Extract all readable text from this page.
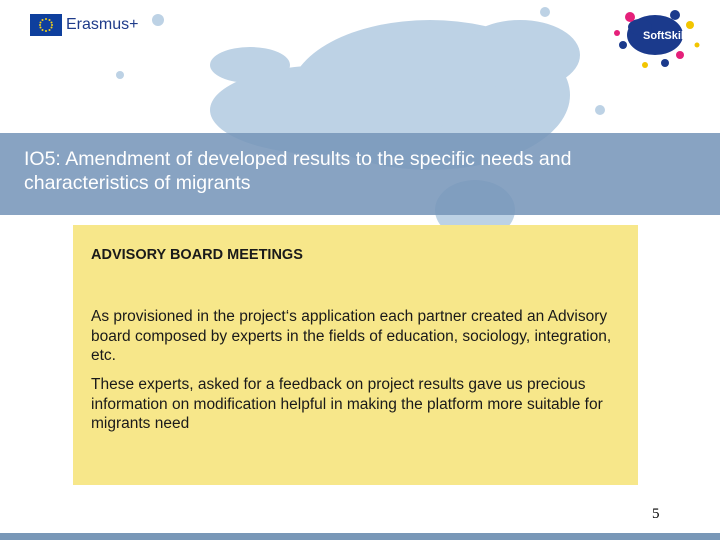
Erasmus+
SoftSkills4EU
IO5: Amendment of developed results to the specific needs and characteristics of migrants
ADVISORY BOARD MEETINGS
As provisioned in the project‘s application each partner created an Advisory board composed by experts in the fields of education, sociology, integration, etc.
These experts, asked for a feedback on project results gave us precious information on modification helpful in making the platform more suitable for migrants need
5
